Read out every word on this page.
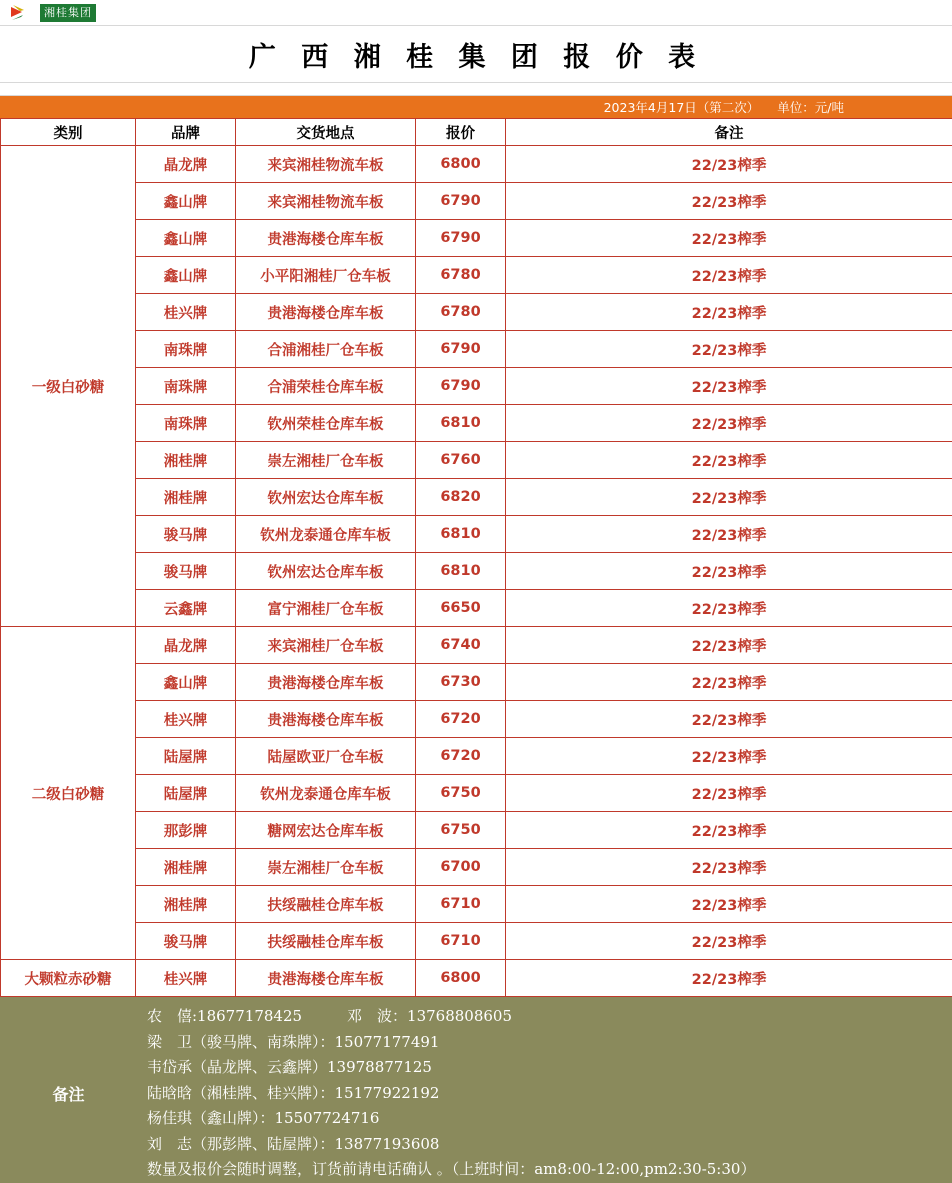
湘桂集团
广 西 湘 桂 集 团 报 价 表
2023年4月17日（第二次） 单位：元/吨
类别	品牌	交货地点	报价	备注
一级白砂糖	晶龙牌	来宾湘桂物流车板	6800	22/23榨季
	鑫山牌	来宾湘桂物流车板	6790	22/23榨季
	鑫山牌	贵港海楼仓库车板	6790	22/23榨季
	鑫山牌	小平阳湘桂厂仓车板	6780	22/23榨季
	桂兴牌	贵港海楼仓库车板	6780	22/23榨季
	南珠牌	合浦湘桂厂仓车板	6790	22/23榨季
	南珠牌	合浦荣桂仓库车板	6790	22/23榨季
	南珠牌	钦州荣桂仓库车板	6810	22/23榨季
	湘桂牌	崇左湘桂厂仓车板	6760	22/23榨季
	湘桂牌	钦州宏达仓库车板	6820	22/23榨季
	骏马牌	钦州龙泰通仓库车板	6810	22/23榨季
	骏马牌	钦州宏达仓库车板	6810	22/23榨季
	云鑫牌	富宁湘桂厂仓车板	6650	22/23榨季
二级白砂糖	晶龙牌	来宾湘桂厂仓车板	6740	22/23榨季
	鑫山牌	贵港海楼仓库车板	6730	22/23榨季
	桂兴牌	贵港海楼仓库车板	6720	22/23榨季
	陆屋牌	陆屋欧亚厂仓车板	6720	22/23榨季
	陆屋牌	钦州龙泰通仓库车板	6750	22/23榨季
	那彭牌	糖网宏达仓库车板	6750	22/23榨季
	湘桂牌	崇左湘桂厂仓车板	6700	22/23榨季
	湘桂牌	扶绥融桂仓库车板	6710	22/23榨季
	骏马牌	扶绥融桂仓库车板	6710	22/23榨季
大颗粒赤砂糖	桂兴牌	贵港海楼仓库车板	6800	22/23榨季
备注
农　僖:18677178425　　　邓　波：13768808605
梁　卫（骏马牌、南珠牌）：15077177491
韦岱承（晶龙牌、云鑫牌）13978877125
陆晗晗（湘桂牌、桂兴牌）：15177922192
杨佳琪（鑫山牌）：15507724716
刘　志（那彭牌、陆屋牌）：13877193608
数量及报价会随时调整，订货前请电话确认 。（上班时间：am8:00-12:00,pm2:30-5:30）
